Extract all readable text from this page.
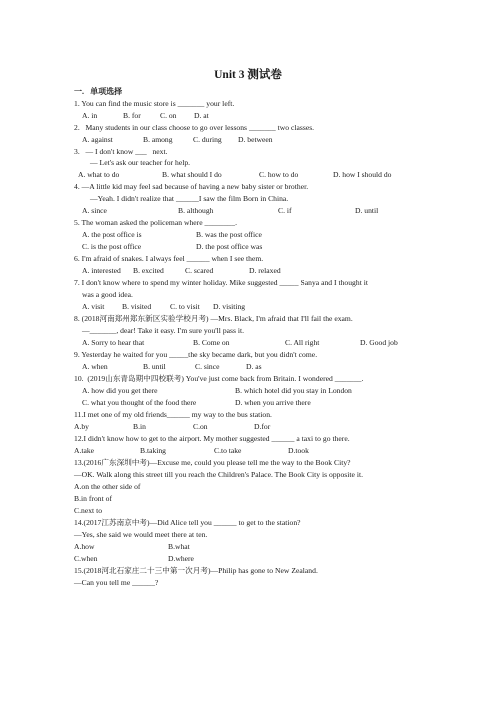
Unit 3 测试卷
一.   单项选择
1. You can find the music store is _______ your left.
A. in	B. for	C. on D. at
2.   Many students in our class choose to go over lessons _______ two classes.
A. against	B. among	C. during D. between
3.   — I don't know ___   next.
— Let's ask our teacher for help.
A. what to do	B. what should I do	C. how to do	D. how I should do
4. —A little kid may feel sad because of having a new baby sister or brother.
—Yeah. I didn't realize that ______I saw the film Born in China.
A. since	B. although	C. if	D. until
5. The woman asked the policeman where ________.
A. the post office is	B. was the post office
C. is the post office	D. the post office was
6. I'm afraid of snakes. I always feel ______ when I see them.
A. interested B. excited	C. scared	D. relaxed
7. I don't know where to spend my winter holiday. Mike suggested _____ Sanya and I thought it
was a good idea.
A. visit B. visited C. to visit D. visiting
8. (2018河南郑州郑东新区实验学校月考) —Mrs. Black, I'm afraid that I'll fail the exam.
—_______, dear! Take it easy. I'm sure you'll pass it.
A. Sorry to hear that	B. Come on	C. All right	D. Good job
9. Yesterday he waited for you _____the sky became dark, but you didn't come.
A. when	B. until	C. since	D. as
10.  (2019山东青岛期中四校联考) You've just come back from Britain. I wondered _______.
A. how did you get there	B. which hotel did you stay in London
C. what you thought of the food there	D. when you arrive there
11.I met one of my old friends______ my way to the bus station.
A.by	B.in	C.on	D.for
12.I didn't know how to get to the airport. My mother suggested ______ a taxi to go there.
A.take	B.taking	C.to take	D.took
13.(2016广东深圳中考)—Excuse me, could you please tell me the way to the Book City?
—OK. Walk along this street till you reach the Children's Palace. The Book City is opposite it.
A.on the other side of
B.in front of
C.next to
14.(2017江苏南京中考)—Did Alice tell you ______ to get to the station?
—Yes, she said we would meet there at ten.
A.how	B.what
C.when	D.where
15.(2018河北石家庄二十三中第一次月考)—Philip has gone to New Zealand.
—Can you tell me ______?
